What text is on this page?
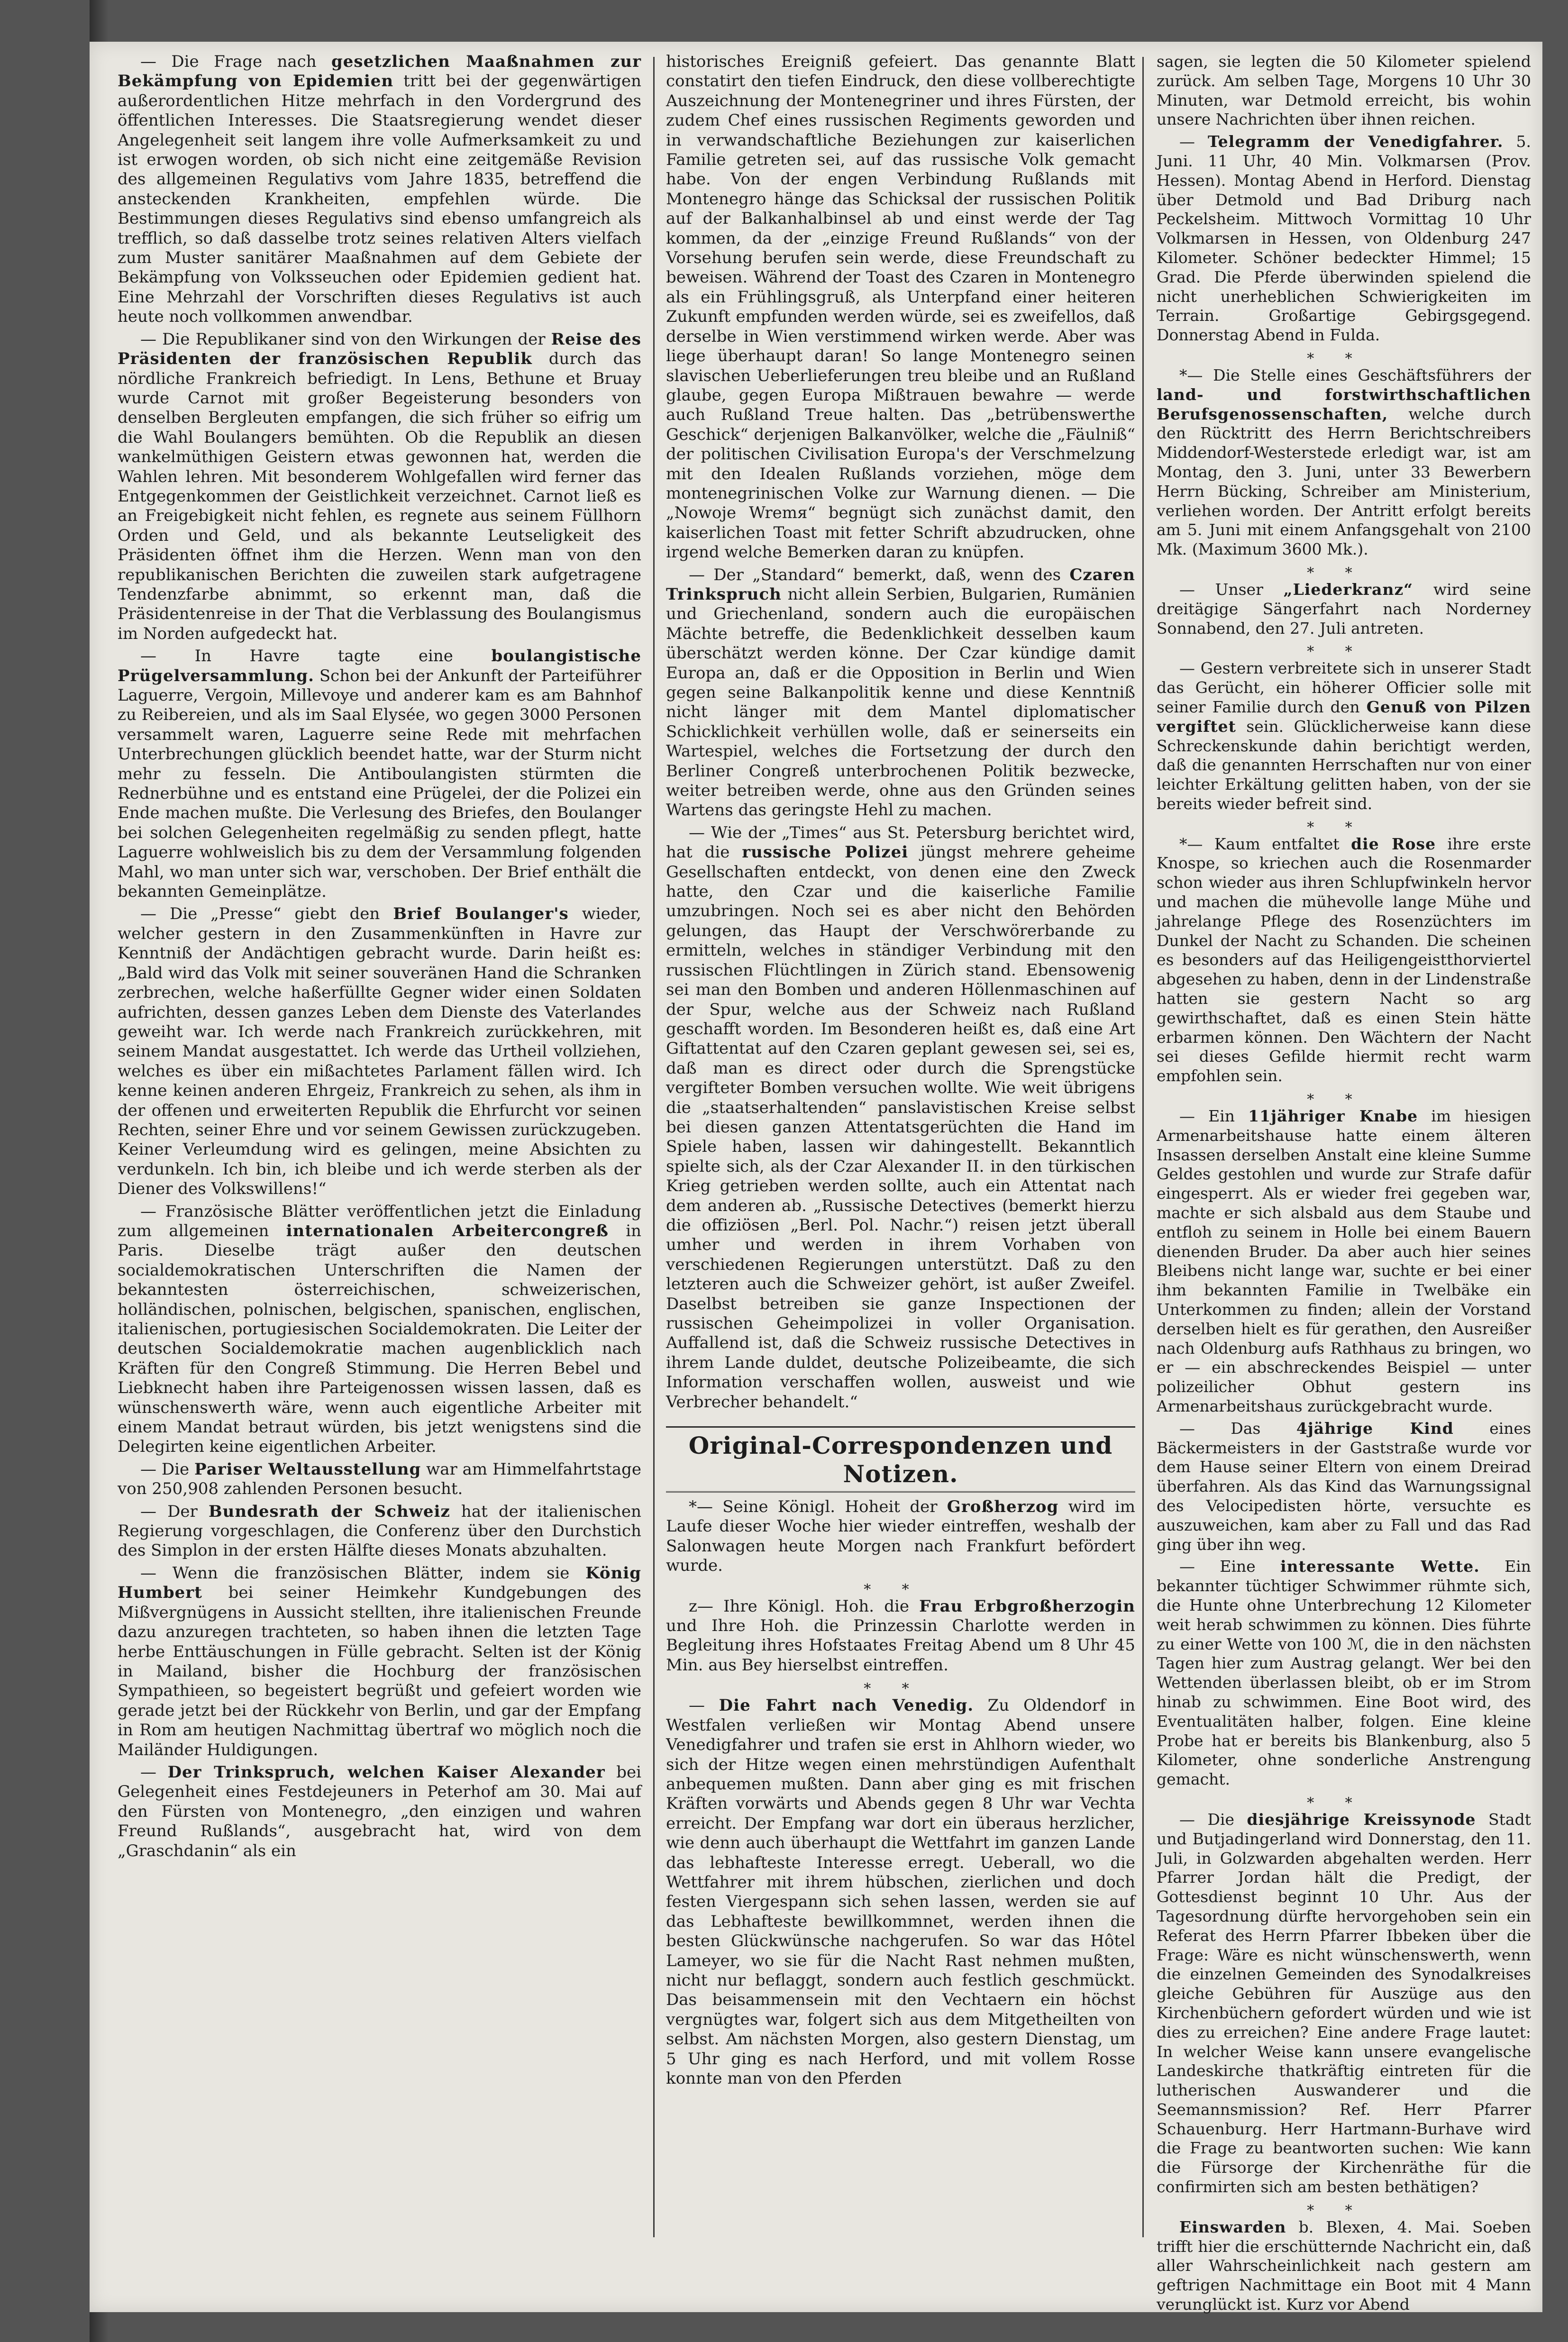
— Die Frage nach gesetzlichen Maaßnahmen zur Bekämpfung von Epidemien tritt bei der gegenwärtigen außerordentlichen Hitze mehrfach in den Vordergrund des öffentlichen Interesses. Die Staatsregierung wendet dieser Angelegenheit seit langem ihre volle Aufmerksamkeit zu und ist erwogen worden, ob sich nicht eine zeitgemäße Revision des allgemeinen Regulativs vom Jahre 1835, betreffend die ansteckenden Krankheiten, empfehlen würde. Die Bestimmungen dieses Regulativs sind ebenso umfangreich als trefflich, so daß dasselbe trotz seines relativen Alters vielfach zum Muster sanitärer Maaßnahmen auf dem Gebiete der Bekämpfung von Volksseuchen oder Epidemien gedient hat. Eine Mehrzahl der Vorschriften dieses Regulativs ist auch heute noch vollkommen anwendbar.

— Die Republikaner sind von den Wirkungen der Reise des Präsidenten der französischen Republik durch das nördliche Frankreich befriedigt. In Lens, Bethune et Bruay wurde Carnot mit großer Begeisterung besonders von denselben Bergleuten empfangen, die sich früher so eifrig um die Wahl Boulangers bemühten. Ob die Republik an diesen wankelmüthigen Geistern etwas gewonnen hat, werden die Wahlen lehren. Mit besonderem Wohlgefallen wird ferner das Entgegenkommen der Geistlichkeit verzeichnet. Carnot ließ es an Freigebigkeit nicht fehlen, es regnete aus seinem Füllhorn Orden und Geld, und als bekannte Leutseligkeit des Präsidenten öffnet ihm die Herzen. Wenn man von den republikanischen Berichten die zuweilen stark aufgetragene Tendenzfarbe abnimmt, so erkennt man, daß die Präsidentenreise in der That die Verblassung des Boulangismus im Norden aufgedeckt hat.

— In Havre tagte eine boulangistische Prügelversammlung. Schon bei der Ankunft der Parteiführer Laguerre, Vergoin, Millevoye und anderer kam es am Bahnhof zu Reibereien, und als im Saal Elysée, wo gegen 3000 Personen versammelt waren, Laguerre seine Rede mit mehrfachen Unterbrechungen glücklich beendet hatte, war der Sturm nicht mehr zu fesseln. Die Antiboulangisten stürmten die Rednerbühne und es entstand eine Prügelei, der die Polizei ein Ende machen mußte. Die Verlesung des Briefes, den Boulanger bei solchen Gelegenheiten regelmäßig zu senden pflegt, hatte Laguerre wohlweislich bis zu dem der Versammlung folgenden Mahl, wo man unter sich war, verschoben. Der Brief enthält die bekannten Gemeinplätze.

— Die „Presse“ giebt den Brief Boulanger's wieder, welcher gestern in den Zusammenkünften in Havre zur Kenntniß der Andächtigen gebracht wurde. Darin heißt es: „Bald wird das Volk mit seiner souveränen Hand die Schranken zerbrechen, welche haßerfüllte Gegner wider einen Soldaten aufrichten, dessen ganzes Leben dem Dienste des Vaterlandes geweiht war. Ich werde nach Frankreich zurückkehren, mit seinem Mandat ausgestattet. Ich werde das Urtheil vollziehen, welches es über ein mißachtetes Parlament fällen wird. Ich kenne keinen anderen Ehrgeiz, Frankreich zu sehen, als ihm in der offenen und erweiterten Republik die Ehrfurcht vor seinen Rechten, seiner Ehre und vor seinem Gewissen zurückzugeben. Keiner Verleumdung wird es gelingen, meine Absichten zu verdunkeln. Ich bin, ich bleibe und ich werde sterben als der Diener des Volkswillens!“

— Französische Blätter veröffentlichen jetzt die Einladung zum allgemeinen internationalen Arbeitercongreß in Paris. Dieselbe trägt außer den deutschen socialdemokratischen Unterschriften die Namen der bekanntesten österreichischen, schweizerischen, holländischen, polnischen, belgischen, spanischen, englischen, italienischen, portugiesischen Socialdemokraten. Die Leiter der deutschen Socialdemokratie machen augenblicklich nach Kräften für den Congreß Stimmung. Die Herren Bebel und Liebknecht haben ihre Parteigenossen wissen lassen, daß es wünschenswerth wäre, wenn auch eigentliche Arbeiter mit einem Mandat betraut würden, bis jetzt wenigstens sind die Delegirten keine eigentlichen Arbeiter.

— Die Pariser Weltausstellung war am Himmelfahrtstage von 250,908 zahlenden Personen besucht.

— Der Bundesrath der Schweiz hat der italienischen Regierung vorgeschlagen, die Conferenz über den Durchstich des Simplon in der ersten Hälfte dieses Monats abzuhalten.

— Wenn die französischen Blätter, indem sie König Humbert bei seiner Heimkehr Kundgebungen des Mißvergnügens in Aussicht stellten, ihre italienischen Freunde dazu anzuregen trachteten, so haben ihnen die letzten Tage herbe Enttäuschungen in Fülle gebracht. Selten ist der König in Mailand, bisher die Hochburg der französischen Sympathieen, so begeistert begrüßt und gefeiert worden wie gerade jetzt bei der Rückkehr von Berlin, und gar der Empfang in Rom am heutigen Nachmittag übertraf wo möglich noch die Mailänder Huldigungen.

— Der Trinkspruch, welchen Kaiser Alexander bei Gelegenheit eines Festdejeuners in Peterhof am 30. Mai auf den Fürsten von Montenegro, „den einzigen und wahren Freund Rußlands“, ausgebracht hat, wird von dem „Graschdanin“ als ein

historisches Ereigniß gefeiert. Das genannte Blatt constatirt den tiefen Eindruck, den diese vollberechtigte Auszeichnung der Montenegriner und ihres Fürsten, der zudem Chef eines russischen Regiments geworden und in verwandschaftliche Beziehungen zur kaiserlichen Familie getreten sei, auf das russische Volk gemacht habe. Von der engen Verbindung Rußlands mit Montenegro hänge das Schicksal der russischen Politik auf der Balkanhalbinsel ab und einst werde der Tag kommen, da der „einzige Freund Rußlands“ von der Vorsehung berufen sein werde, diese Freundschaft zu beweisen. Während der Toast des Czaren in Montenegro als ein Frühlingsgruß, als Unterpfand einer heiteren Zukunft empfunden werden würde, sei es zweifellos, daß derselbe in Wien verstimmend wirken werde. Aber was liege überhaupt daran! So lange Montenegro seinen slavischen Ueberlieferungen treu bleibe und an Rußland glaube, gegen Europa Mißtrauen bewahre — werde auch Rußland Treue halten. Das „betrübenswerthe Geschick“ derjenigen Balkanvölker, welche die „Fäulniß“ der politischen Civilisation Europa's der Verschmelzung mit den Idealen Rußlands vorziehen, möge dem montenegrinischen Volke zur Warnung dienen. — Die „Nowoje Wremя“ begnügt sich zunächst damit, den kaiserlichen Toast mit fetter Schrift abzudrucken, ohne irgend welche Bemerken daran zu knüpfen.

— Der „Standard“ bemerkt, daß, wenn des Czaren Trinkspruch nicht allein Serbien, Bulgarien, Rumänien und Griechenland, sondern auch die europäischen Mächte betreffe, die Bedenklichkeit desselben kaum überschätzt werden könne. Der Czar kündige damit Europa an, daß er die Opposition in Berlin und Wien gegen seine Balkanpolitik kenne und diese Kenntniß nicht länger mit dem Mantel diplomatischer Schicklichkeit verhüllen wolle, daß er seinerseits ein Wartespiel, welches die Fortsetzung der durch den Berliner Congreß unterbrochenen Politik bezwecke, weiter betreiben werde, ohne aus den Gründen seines Wartens das geringste Hehl zu machen.

— Wie der „Times“ aus St. Petersburg berichtet wird, hat die russische Polizei jüngst mehrere geheime Gesellschaften entdeckt, von denen eine den Zweck hatte, den Czar und die kaiserliche Familie umzubringen. Noch sei es aber nicht den Behörden gelungen, das Haupt der Verschwörerbande zu ermitteln, welches in ständiger Verbindung mit den russischen Flüchtlingen in Zürich stand. Ebensowenig sei man den Bomben und anderen Höllenmaschinen auf der Spur, welche aus der Schweiz nach Rußland geschafft worden. Im Besonderen heißt es, daß eine Art Giftattentat auf den Czaren geplant gewesen sei, sei es, daß man es direct oder durch die Sprengstücke vergifteter Bomben versuchen wollte. Wie weit übrigens die „staatserhaltenden“ panslavistischen Kreise selbst bei diesen ganzen Attentatsgerüchten die Hand im Spiele haben, lassen wir dahingestellt. Bekanntlich spielte sich, als der Czar Alexander II. in den türkischen Krieg getrieben werden sollte, auch ein Attentat nach dem anderen ab. „Russische Detectives (bemerkt hierzu die offiziösen „Berl. Pol. Nachr.“) reisen jetzt überall umher und werden in ihrem Vorhaben von verschiedenen Regierungen unterstützt. Daß zu den letzteren auch die Schweizer gehört, ist außer Zweifel. Daselbst betreiben sie ganze Inspectionen der russischen Geheimpolizei in voller Organisation. Auffallend ist, daß die Schweiz russische Detectives in ihrem Lande duldet, deutsche Polizeibeamte, die sich Information verschaffen wollen, ausweist und wie Verbrecher behandelt.“

Original-Correspondenzen und Notizen.

*— Seine Königl. Hoheit der Großherzog wird im Laufe dieser Woche hier wieder eintreffen, weshalb der Salonwagen heute Morgen nach Frankfurt befördert wurde.

∗∗

z— Ihre Königl. Hoh. die Frau Erbgroßherzogin und Ihre Hoh. die Prinzessin Charlotte werden in Begleitung ihres Hofstaates Freitag Abend um 8 Uhr 45 Min. aus Bey hierselbst eintreffen.

∗∗

— Die Fahrt nach Venedig. Zu Oldendorf in Westfalen verließen wir Montag Abend unsere Venedigfahrer und trafen sie erst in Ahlhorn wieder, wo sich der Hitze wegen einen mehrstündigen Aufenthalt anbequemen mußten. Dann aber ging es mit frischen Kräften vorwärts und Abends gegen 8 Uhr war Vechta erreicht. Der Empfang war dort ein überaus herzlicher, wie denn auch überhaupt die Wettfahrt im ganzen Lande das lebhafteste Interesse erregt. Ueberall, wo die Wettfahrer mit ihrem hübschen, zierlichen und doch festen Viergespann sich sehen lassen, werden sie auf das Lebhafteste bewillkommnet, werden ihnen die besten Glückwünsche nachgerufen. So war das Hôtel Lameyer, wo sie für die Nacht Rast nehmen mußten, nicht nur beflaggt, sondern auch festlich geschmückt. Das beisammensein mit den Vechtaern ein höchst vergnügtes war, folgert sich aus dem Mitgetheilten von selbst. Am nächsten Morgen, also gestern Dienstag, um 5 Uhr ging es nach Herford, und mit vollem Rosse konnte man von den Pferden

sagen, sie legten die 50 Kilometer spielend zurück. Am selben Tage, Morgens 10 Uhr 30 Minuten, war Detmold erreicht, bis wohin unsere Nachrichten über ihnen reichen.

— Telegramm der Venedigfahrer. 5. Juni. 11 Uhr, 40 Min. Volkmarsen (Prov. Hessen). Montag Abend in Herford. Dienstag über Detmold und Bad Driburg nach Peckelsheim. Mittwoch Vormittag 10 Uhr Volkmarsen in Hessen, von Oldenburg 247 Kilometer. Schöner bedeckter Himmel; 15 Grad. Die Pferde überwinden spielend die nicht unerheblichen Schwierigkeiten im Terrain. Großartige Gebirgsgegend. Donnerstag Abend in Fulda.

∗∗

*— Die Stelle eines Geschäftsführers der land- und forstwirthschaftlichen Berufsgenossenschaften, welche durch den Rücktritt des Herrn Berichtschreibers Middendorf-Westerstede erledigt war, ist am Montag, den 3. Juni, unter 33 Bewerbern Herrn Bücking, Schreiber am Ministerium, verliehen worden. Der Antritt erfolgt bereits am 5. Juni mit einem Anfangsgehalt von 2100 Mk. (Maximum 3600 Mk.).

∗∗

— Unser „Liederkranz“ wird seine dreitägige Sängerfahrt nach Norderney Sonnabend, den 27. Juli antreten.

∗∗

— Gestern verbreitete sich in unserer Stadt das Gerücht, ein höherer Officier solle mit seiner Familie durch den Genuß von Pilzen vergiftet sein. Glücklicherweise kann diese Schreckenskunde dahin berichtigt werden, daß die genannten Herrschaften nur von einer leichter Erkältung gelitten haben, von der sie bereits wieder befreit sind.

∗∗

*— Kaum entfaltet die Rose ihre erste Knospe, so kriechen auch die Rosenmarder schon wieder aus ihren Schlupfwinkeln hervor und machen die mühevolle lange Mühe und jahrelange Pflege des Rosenzüchters im Dunkel der Nacht zu Schanden. Die scheinen es besonders auf das Heiligengeistthorviertel abgesehen zu haben, denn in der Lindenstraße hatten sie gestern Nacht so arg gewirthschaftet, daß es einen Stein hätte erbarmen können. Den Wächtern der Nacht sei dieses Gefilde hiermit recht warm empfohlen sein.

∗∗

— Ein 11jähriger Knabe im hiesigen Armenarbeitshause hatte einem älteren Insassen derselben Anstalt eine kleine Summe Geldes gestohlen und wurde zur Strafe dafür eingesperrt. Als er wieder frei gegeben war, machte er sich alsbald aus dem Staube und entfloh zu seinem in Holle bei einem Bauern dienenden Bruder. Da aber auch hier seines Bleibens nicht lange war, suchte er bei einer ihm bekannten Familie in Twelbäke ein Unterkommen zu finden; allein der Vorstand derselben hielt es für gerathen, den Ausreißer nach Oldenburg aufs Rathhaus zu bringen, wo er — ein abschreckendes Beispiel — unter polizeilicher Obhut gestern ins Armenarbeitshaus zurückgebracht wurde.

— Das 4jährige Kind eines Bäckermeisters in der Gaststraße wurde vor dem Hause seiner Eltern von einem Dreirad überfahren. Als das Kind das Warnungssignal des Velocipedisten hörte, versuchte es auszuweichen, kam aber zu Fall und das Rad ging über ihn weg.

— Eine interessante Wette. Ein bekannter tüchtiger Schwimmer rühmte sich, die Hunte ohne Unterbrechung 12 Kilometer weit herab schwimmen zu können. Dies führte zu einer Wette von 100 ℳ, die in den nächsten Tagen hier zum Austrag gelangt. Wer bei den Wettenden überlassen bleibt, ob er im Strom hinab zu schwimmen. Eine Boot wird, des Eventualitäten halber, folgen. Eine kleine Probe hat er bereits bis Blankenburg, also 5 Kilometer, ohne sonderliche Anstrengung gemacht.

∗∗

— Die diesjährige Kreissynode Stadt und Butjadingerland wird Donnerstag, den 11. Juli, in Golzwarden abgehalten werden. Herr Pfarrer Jordan hält die Predigt, der Gottesdienst beginnt 10 Uhr. Aus der Tagesordnung dürfte hervorgehoben sein ein Referat des Herrn Pfarrer Ibbeken über die Frage: Wäre es nicht wünschenswerth, wenn die einzelnen Gemeinden des Synodalkreises gleiche Gebühren für Auszüge aus den Kirchenbüchern gefordert würden und wie ist dies zu erreichen? Eine andere Frage lautet: In welcher Weise kann unsere evangelische Landeskirche thatkräftig eintreten für die lutherischen Auswanderer und die Seemannsmission? Ref. Herr Pfarrer Schauenburg. Herr Hartmann-Burhave wird die Frage zu beantworten suchen: Wie kann die Fürsorge der Kirchenräthe für die confirmirten sich am besten bethätigen?

∗∗

Einswarden b. Blexen, 4. Mai. Soeben trifft hier die erschütternde Nachricht ein, daß aller Wahrscheinlichkeit nach gestern am geftrigen Nachmittage ein Boot mit 4 Mann verunglückt ist. Kurz vor Abend
